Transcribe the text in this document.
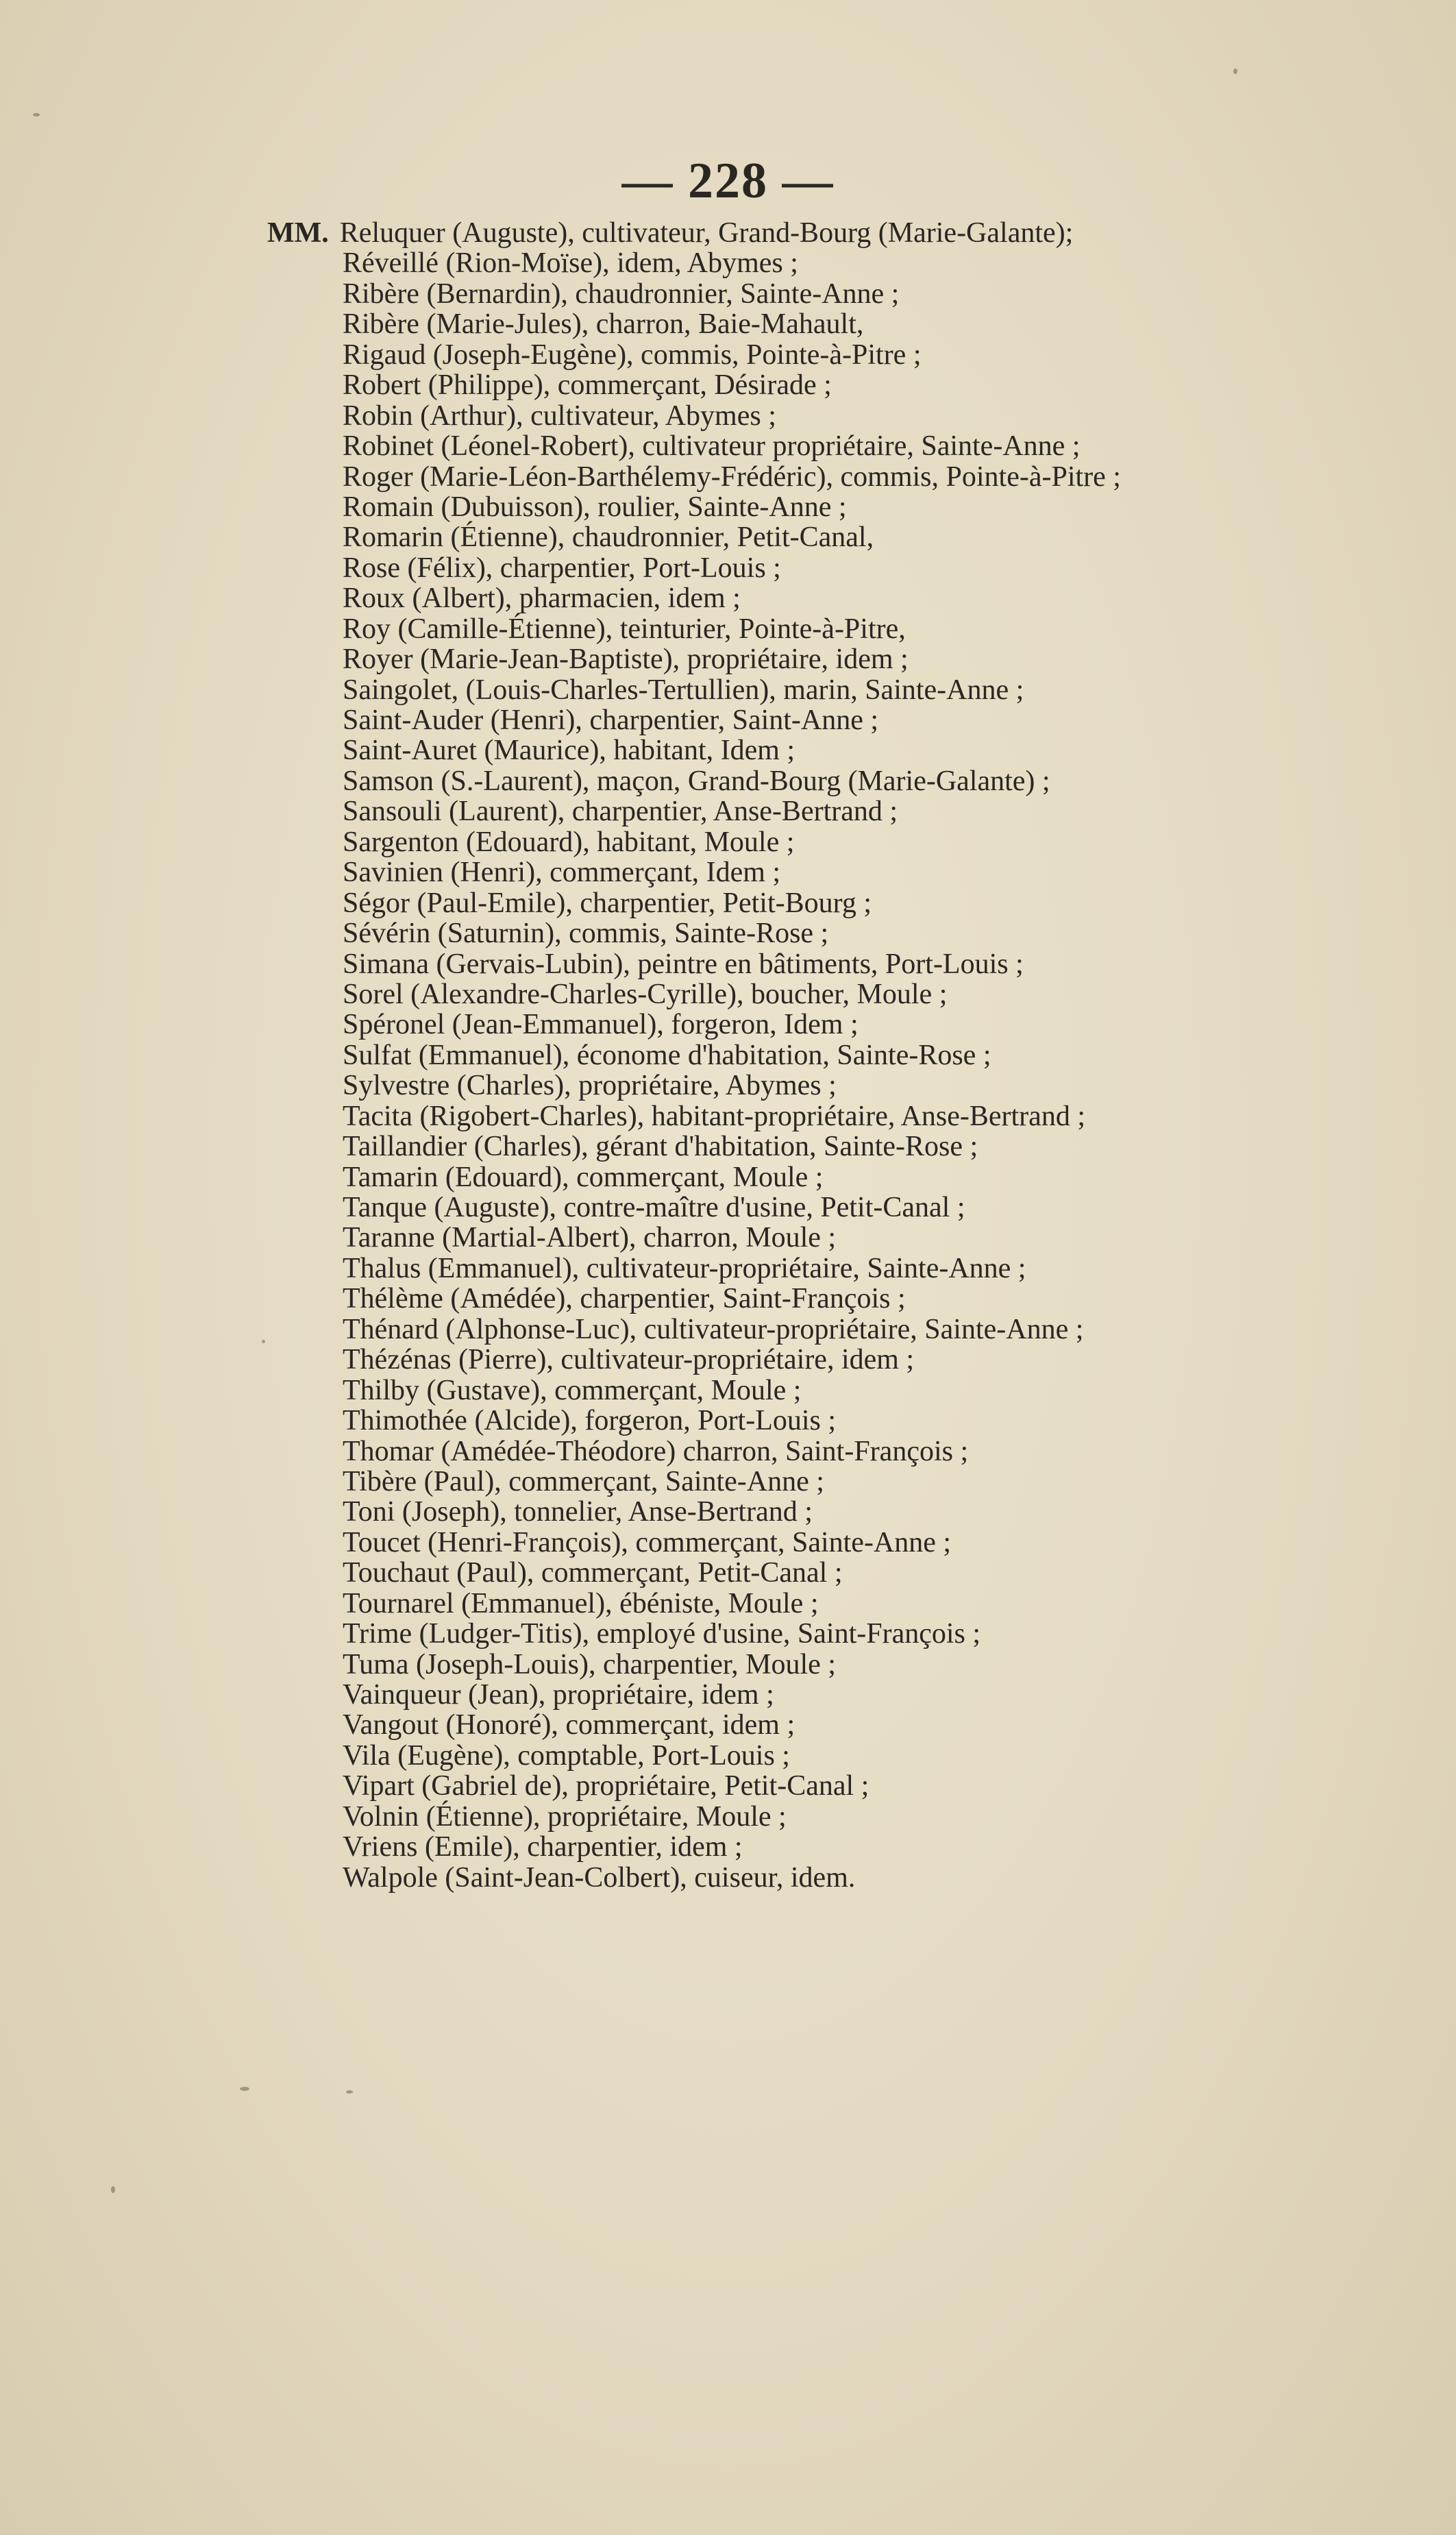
— 228 —
MM. Reluquer (Auguste), cultivateur, Grand-Bourg (Marie-Galante);
Réveillé (Rion-Moïse), idem, Abymes ;
Ribère (Bernardin), chaudronnier, Sainte-Anne ;
Ribère (Marie-Jules), charron, Baie-Mahault,
Rigaud (Joseph-Eugène), commis, Pointe-à-Pitre ;
Robert (Philippe), commerçant, Désirade ;
Robin (Arthur), cultivateur, Abymes ;
Robinet (Léonel-Robert), cultivateur propriétaire, Sainte-Anne ;
Roger (Marie-Léon-Barthélemy-Frédéric), commis, Pointe-à-Pitre ;
Romain (Dubuisson), roulier, Sainte-Anne ;
Romarin (Étienne), chaudronnier, Petit-Canal,
Rose (Félix), charpentier, Port-Louis ;
Roux (Albert), pharmacien, idem ;
Roy (Camille-Étienne), teinturier, Pointe-à-Pitre,
Royer (Marie-Jean-Baptiste), propriétaire, idem ;
Saingolet, (Louis-Charles-Tertullien), marin, Sainte-Anne ;
Saint-Auder (Henri), charpentier, Saint-Anne ;
Saint-Auret (Maurice), habitant, Idem ;
Samson (S.-Laurent), maçon, Grand-Bourg (Marie-Galante) ;
Sansouli (Laurent), charpentier, Anse-Bertrand ;
Sargenton (Edouard), habitant, Moule ;
Savinien (Henri), commerçant, Idem ;
Ségor (Paul-Emile), charpentier, Petit-Bourg ;
Sévérin (Saturnin), commis, Sainte-Rose ;
Simana (Gervais-Lubin), peintre en bâtiments, Port-Louis ;
Sorel (Alexandre-Charles-Cyrille), boucher, Moule ;
Spéronel (Jean-Emmanuel), forgeron, Idem ;
Sulfat (Emmanuel), économe d'habitation, Sainte-Rose ;
Sylvestre (Charles), propriétaire, Abymes ;
Tacita (Rigobert-Charles), habitant-propriétaire, Anse-Bertrand ;
Taillandier (Charles), gérant d'habitation, Sainte-Rose ;
Tamarin (Edouard), commerçant, Moule ;
Tanque (Auguste), contre-maître d'usine, Petit-Canal ;
Taranne (Martial-Albert), charron, Moule ;
Thalus (Emmanuel), cultivateur-propriétaire, Sainte-Anne ;
Thélème (Amédée), charpentier, Saint-François ;
Thénard (Alphonse-Luc), cultivateur-propriétaire, Sainte-Anne ;
Thézénas (Pierre), cultivateur-propriétaire, idem ;
Thilby (Gustave), commerçant, Moule ;
Thimothée (Alcide), forgeron, Port-Louis ;
Thomar (Amédée-Théodore) charron, Saint-François ;
Tibère (Paul), commerçant, Sainte-Anne ;
Toni (Joseph), tonnelier, Anse-Bertrand ;
Toucet (Henri-François), commerçant, Sainte-Anne ;
Touchaut (Paul), commerçant, Petit-Canal ;
Tournarel (Emmanuel), ébéniste, Moule ;
Trime (Ludger-Titis), employé d'usine, Saint-François ;
Tuma (Joseph-Louis), charpentier, Moule ;
Vainqueur (Jean), propriétaire, idem ;
Vangout (Honoré), commerçant, idem ;
Vila (Eugène), comptable, Port-Louis ;
Vipart (Gabriel de), propriétaire, Petit-Canal ;
Volnin (Étienne), propriétaire, Moule ;
Vriens (Emile), charpentier, idem ;
Walpole (Saint-Jean-Colbert), cuiseur, idem.
